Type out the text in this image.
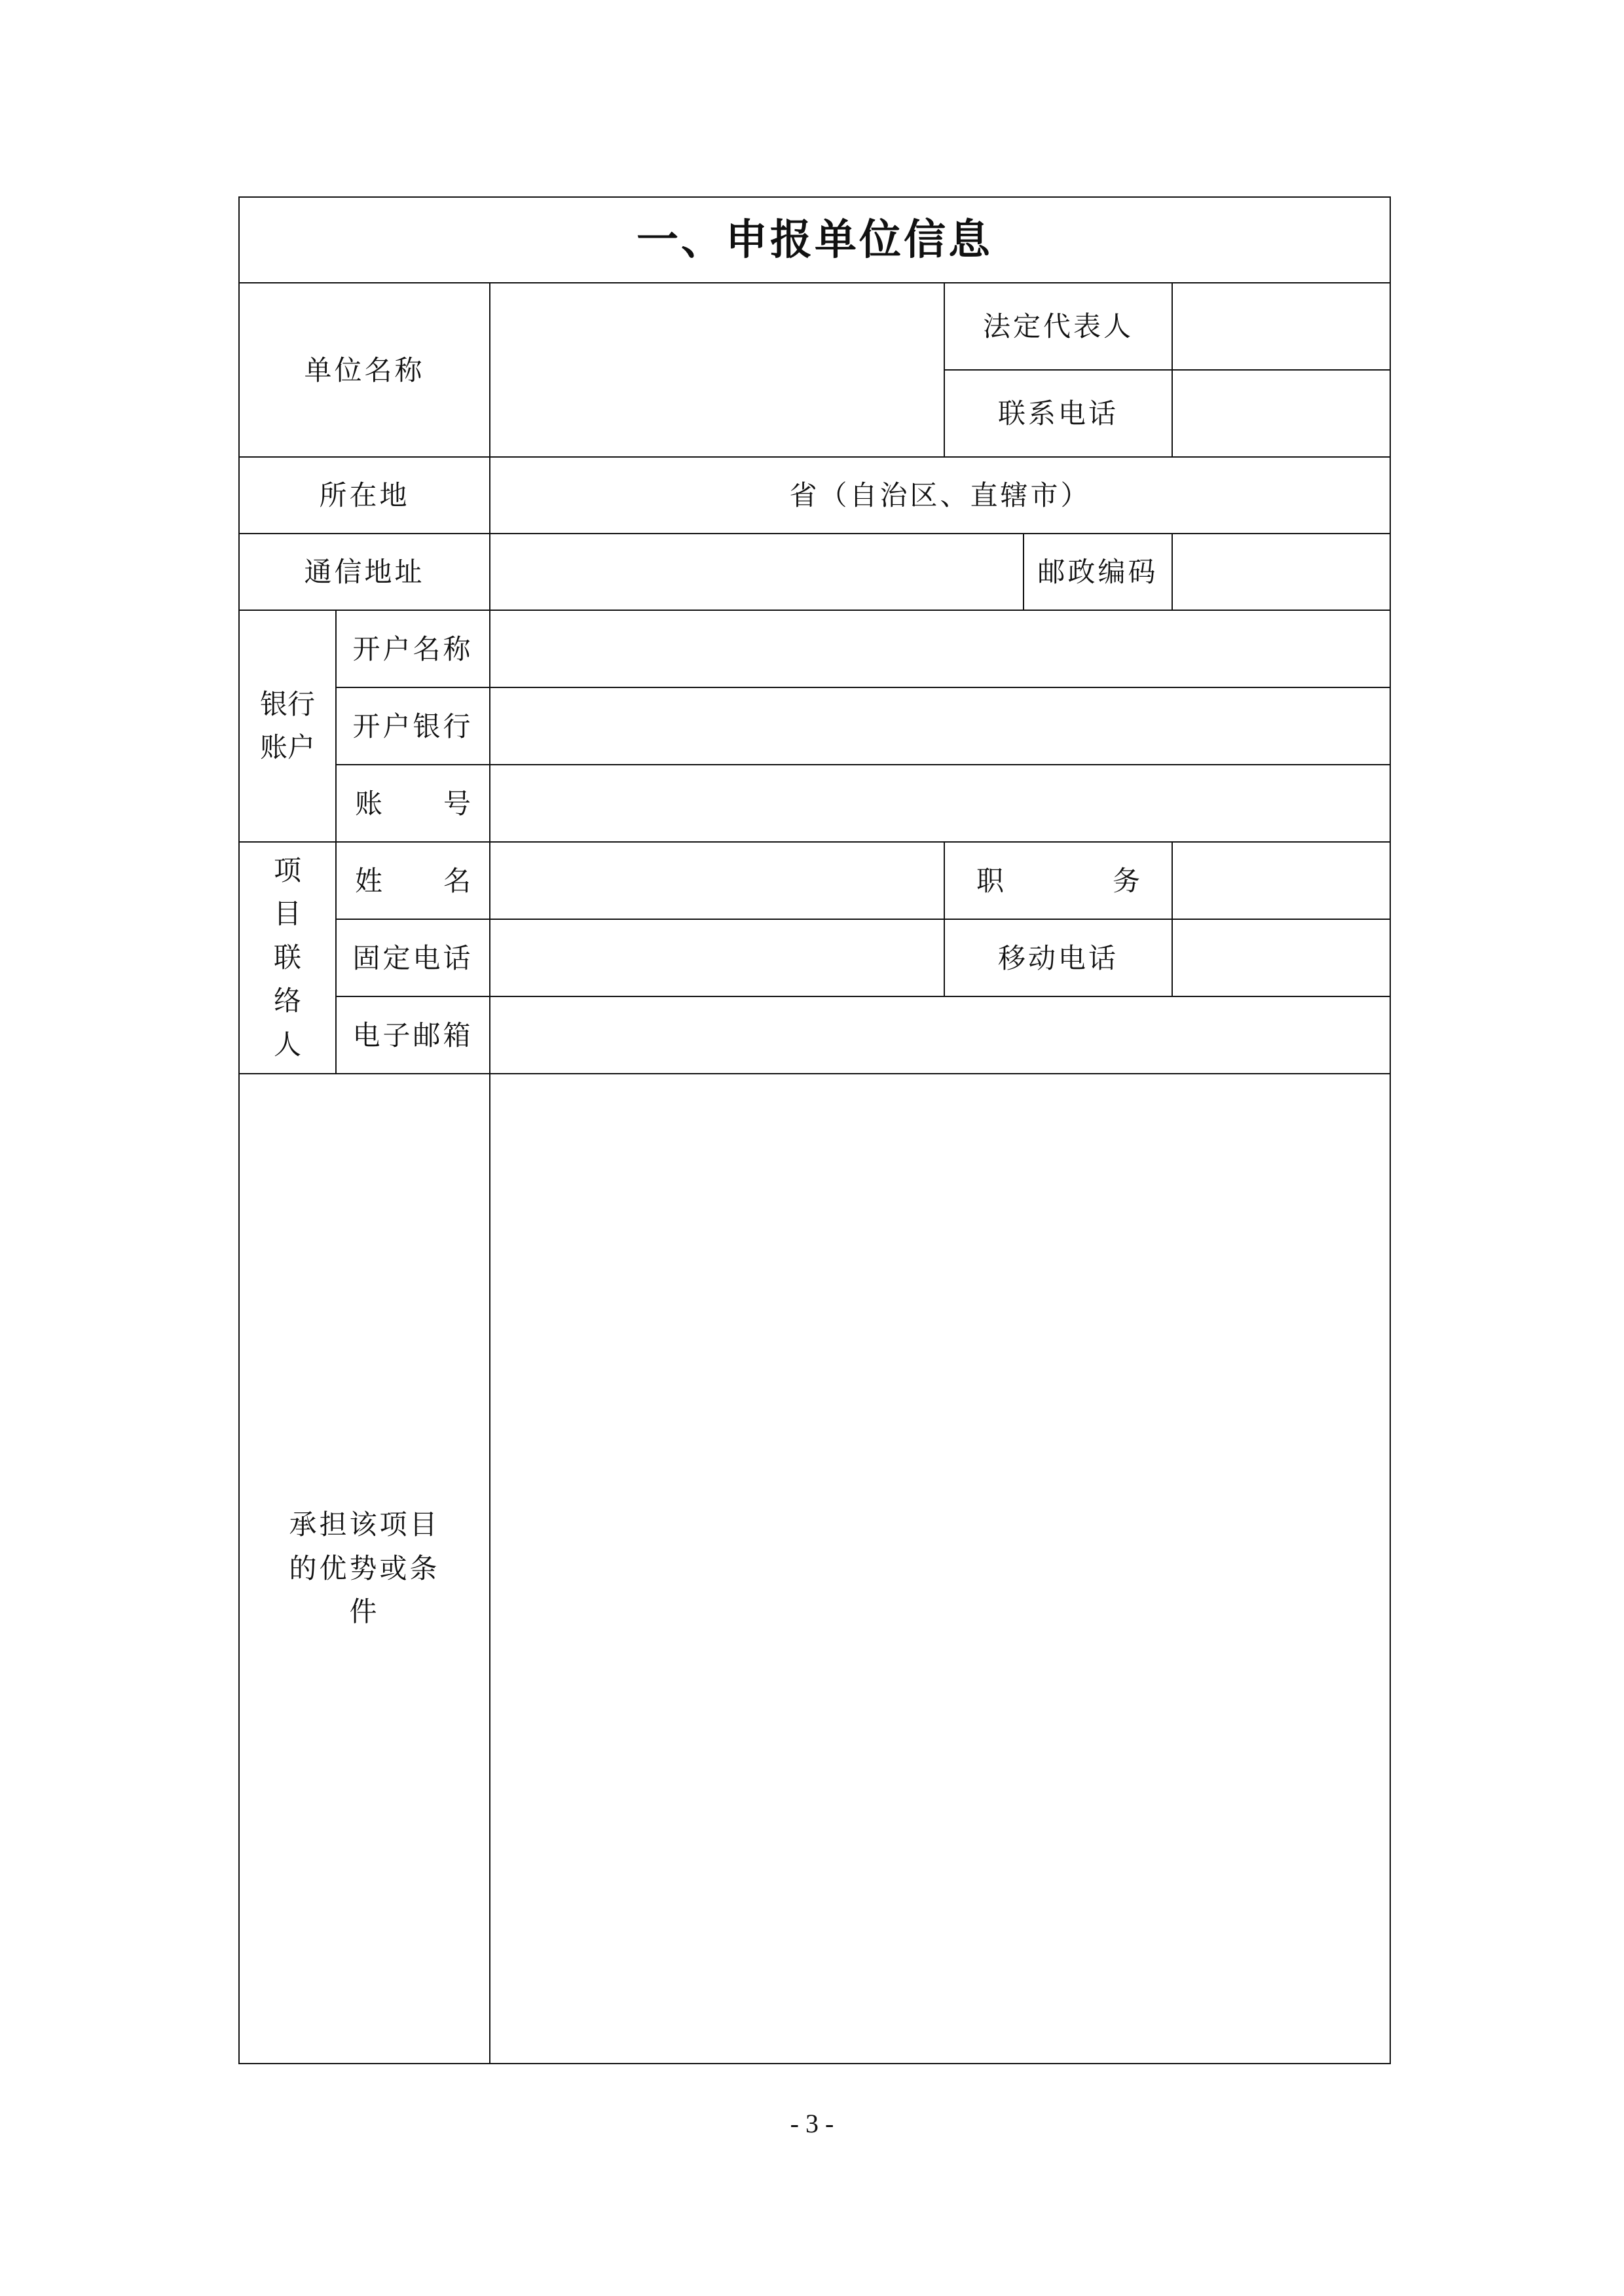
一、申报单位信息					
单位名称			法定代表人		
			联系电话		
所在地		省（自治区、直辖市）			
通信地址				邮政编码	
银行账户	开户名称				
	开户银行				

	账 号				

项目联络人	姓 名		职 务		

	固定电话		移动电话		
	电子邮箱				
承担该项目的优势或条件					
- 3 -
